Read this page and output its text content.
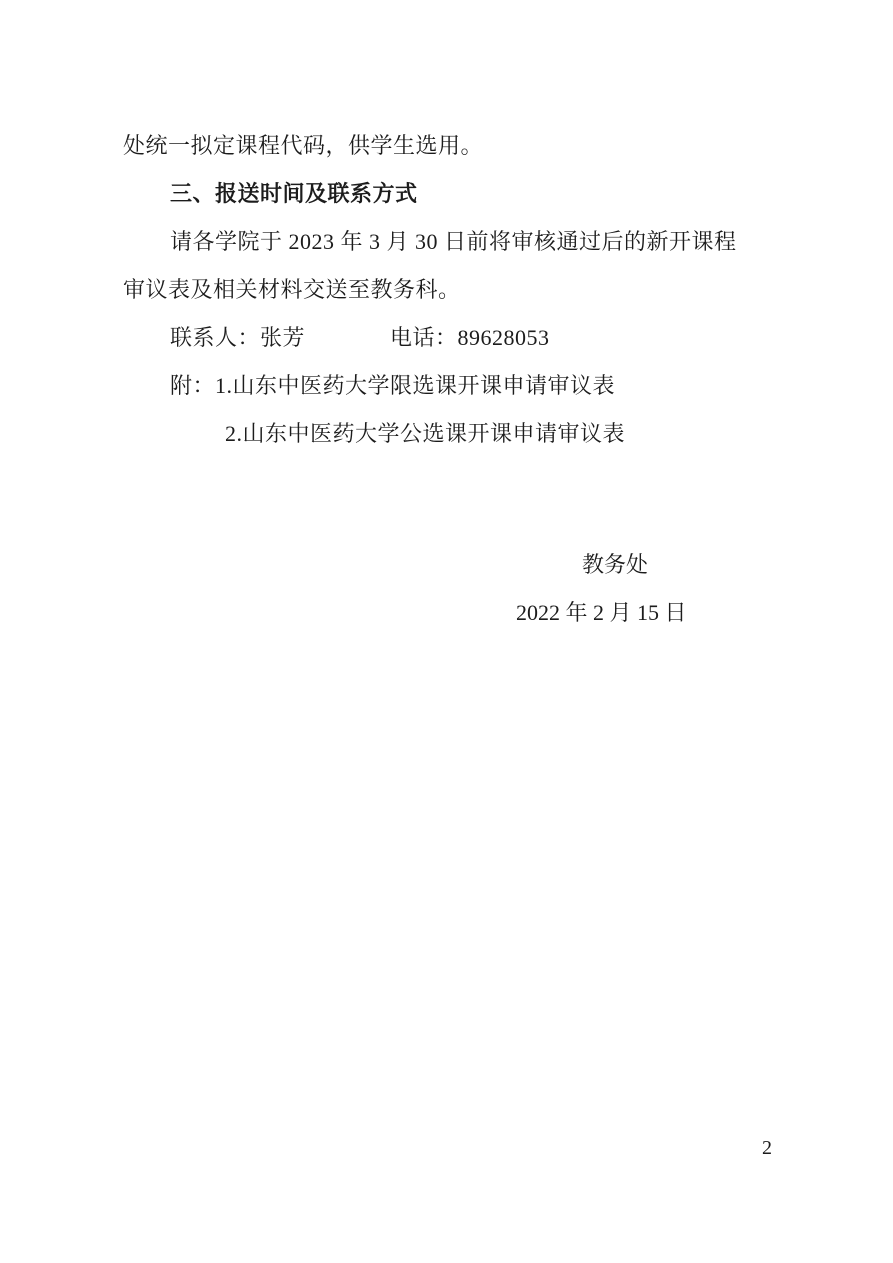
处统一拟定课程代码，供学生选用。
三、报送时间及联系方式
请各学院于 2023 年 3 月 30 日前将审核通过后的新开课程
审议表及相关材料交送至教务科。
联系人：张芳	电话：89628053
附：1.山东中医药大学限选课开课申请审议表
2.山东中医药大学公选课开课申请审议表
教务处
2022 年 2 月 15 日
2
